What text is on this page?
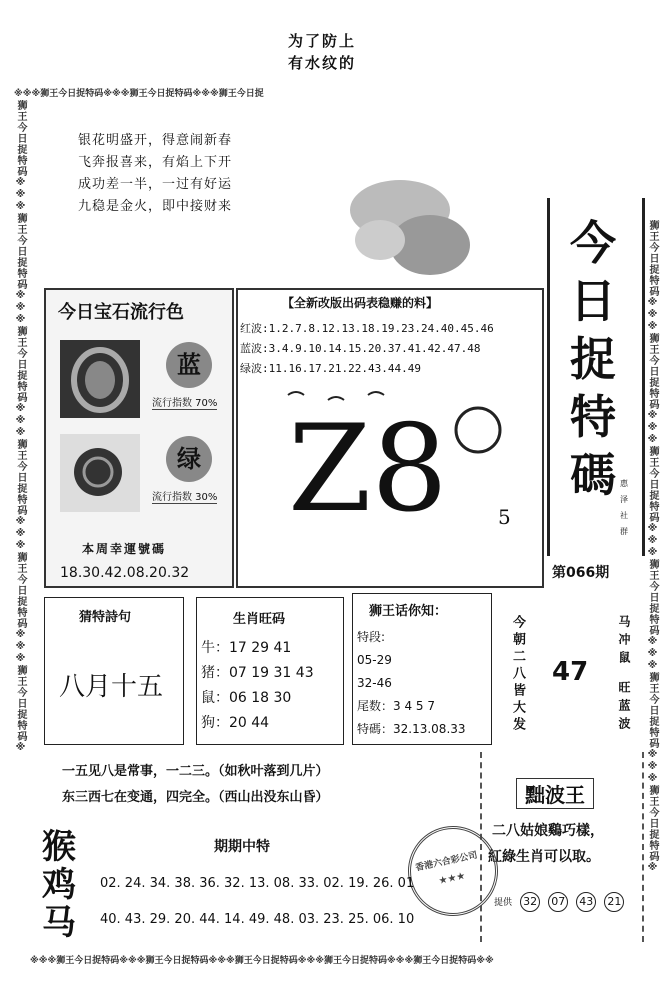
为了防上
有水纹的
※※※狮王今日捉特码※※※狮王今日捉特码※※※狮王今日捉
※※※狮王今日捉特码※※※狮王今日捉特码※※※狮王今日捉特码※※※狮王今日捉特码※※※狮王今日捉特码※※
狮王今日捉特码※※※狮王今日捉特码※※※狮王今日捉特码※※※狮王今日捉特码※※※狮王今日捉特码※※※狮王今日捉特码※	狮王今日捉特码※※※狮王今日捉特码※※※狮王今日捉特码※※※狮王今日捉特码※※※狮王今日捉特码※※※狮王今日捉特码※
银花明盛开，得意闹新春
飞奔报喜来，有焰上下开
成功差一半，一过有好运
九稳是金火，即中接财来
今
日
捉
特
碼 惠
泽
社
群
第066期
今日宝石流行色
蓝
流行指数 70%
绿
流行指数 30%
本周幸運號碼
18.30.42.08.20.32
【全新改版出码表稳赚的料】
红波:1.2.7.8.12.13.18.19.23.24.40.45.46
蓝波:3.4.9.10.14.15.20.37.41.42.47.48
绿波:11.16.17.21.22.43.44.49
Z8	5
猜特詩句
八月十五
生肖旺码
牛：17 29 41
猪：07 19 31 43
鼠：06 18 30
狗：20 44
狮王话你知：
特段:
05-29
32-46
尾数：3 4 5 7
特碼：32.13.08.33	今朝二八皆大发 47
马冲鼠
旺蓝波
一五见八是常事，一二三。（如秋叶落到几片）
东三西七在变通，四完全。（西山出没东山昏）	黜波王
二八姑娘鷄巧樣，
紅綠生肖可以取。
提供 32 07 43 21
香港六合彩公司
★★★
猴
鸡
马
期期中特
02. 24. 34. 38. 36. 32. 13. 08. 33. 02. 19. 26. 01
40. 43. 29. 20. 44. 14. 49. 48. 03. 23. 25. 06. 10
